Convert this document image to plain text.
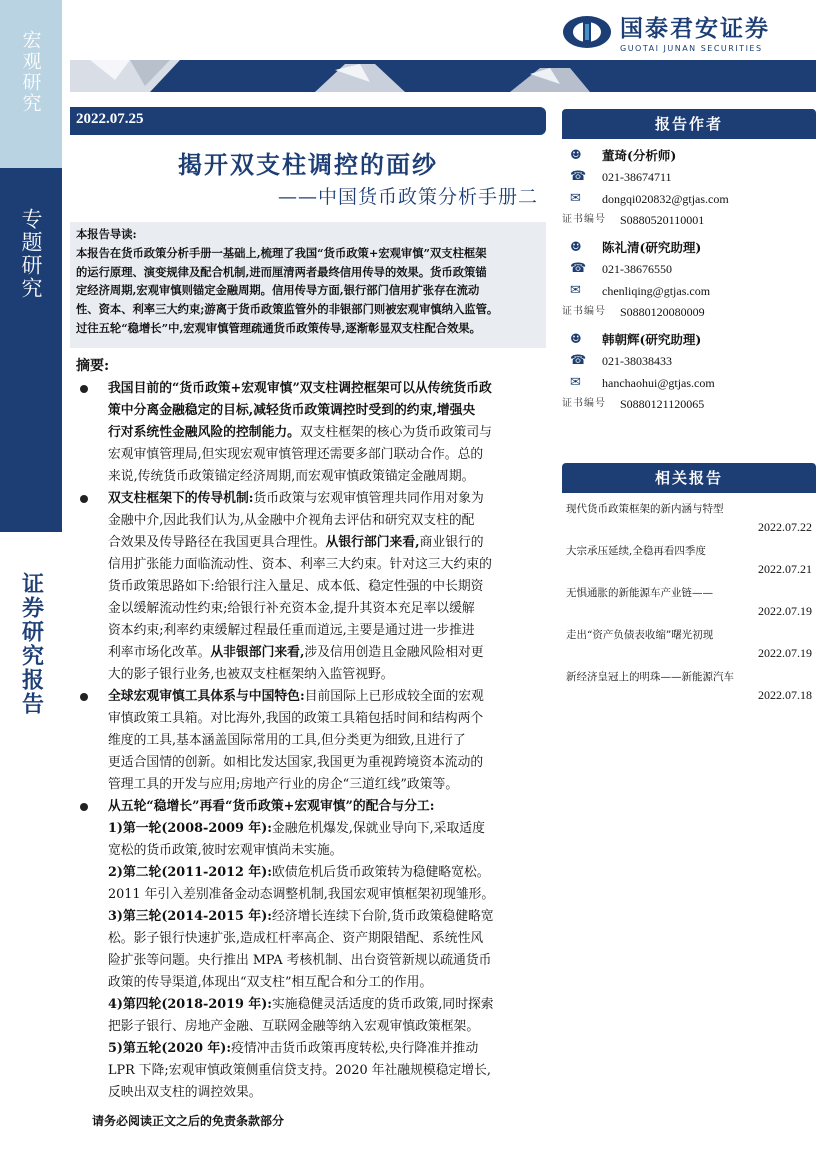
宏观研究
专题研究
证券研究报告
国泰君安证券
GUOTAI JUNAN SECURITIES
2022.07.25
揭开双支柱调控的面纱
——中国货币政策分析手册二
本报告导读:
本报告在货币政策分析手册一基础上,梳理了我国“货币政策+宏观审慎”双支柱框架
的运行原理、演变规律及配合机制,进而厘清两者最终信用传导的效果。货币政策锚
定经济周期,宏观审慎则锚定金融周期。信用传导方面,银行部门信用扩张存在流动
性、资本、利率三大约束;游离于货币政策监管外的非银部门则被宏观审慎纳入监管。
过往五轮“稳增长”中,宏观审慎管理疏通货币政策传导,逐渐彰显双支柱配合效果。
摘要:
我国目前的“货币政策+宏观审慎”双支柱调控框架可以从传统货币政
策中分离金融稳定的目标,减轻货币政策调控时受到的约束,增强央
行对系统性金融风险的控制能力。双支柱框架的核心为货币政策司与
宏观审慎管理局,但实现宏观审慎管理还需要多部门联动合作。总的
来说,传统货币政策锚定经济周期,而宏观审慎政策锚定金融周期。
双支柱框架下的传导机制:货币政策与宏观审慎管理共同作用对象为
金融中介,因此我们认为,从金融中介视角去评估和研究双支柱的配
合效果及传导路径在我国更具合理性。从银行部门来看,商业银行的
信用扩张能力面临流动性、资本、利率三大约束。针对这三大约束的
货币政策思路如下:给银行注入量足、成本低、稳定性强的中长期资
金以缓解流动性约束;给银行补充资本金,提升其资本充足率以缓解
资本约束;利率约束缓解过程最任重而道远,主要是通过进一步推进
利率市场化改革。从非银部门来看,涉及信用创造且金融风险相对更
大的影子银行业务,也被双支柱框架纳入监管视野。
全球宏观审慎工具体系与中国特色:目前国际上已形成较全面的宏观
审慎政策工具箱。对比海外,我国的政策工具箱包括时间和结构两个
维度的工具,基本涵盖国际常用的工具,但分类更为细致,且进行了
更适合国情的创新。如相比发达国家,我国更为重视跨境资本流动的
管理工具的开发与应用;房地产行业的房企“三道红线”政策等。
从五轮“稳增长”再看“货币政策+宏观审慎”的配合与分工:
1)第一轮(2008-2009 年):金融危机爆发,保就业导向下,采取适度
宽松的货币政策,彼时宏观审慎尚未实施。
2)第二轮(2011-2012 年):欧债危机后货币政策转为稳健略宽松。
2011 年引入差别准备金动态调整机制,我国宏观审慎框架初现雏形。
3)第三轮(2014-2015 年):经济增长连续下台阶,货币政策稳健略宽
松。影子银行快速扩张,造成杠杆率高企、资产期限错配、系统性风
险扩张等问题。央行推出 MPA 考核机制、出台资管新规以疏通货币
政策的传导渠道,体现出“双支柱”相互配合和分工的作用。
4)第四轮(2018-2019 年):实施稳健灵活适度的货币政策,同时探索
把影子银行、房地产金融、互联网金融等纳入宏观审慎政策框架。
5)第五轮(2020 年):疫情冲击货币政策再度转松,央行降准并推动
LPR 下降;宏观审慎政策侧重信贷支持。2020 年社融规模稳定增长,
反映出双支柱的调控效果。
请务必阅读正文之后的免责条款部分
报告作者
☻	董琦(分析师)
☎	021-38674711
✉	dongqi020832@gtjas.com
证书编号	S0880520110001
☻	陈礼清(研究助理)
☎	021-38676550
✉	chenliqing@gtjas.com
证书编号	S0880120080009
☻	韩朝辉(研究助理)
☎	021-38038433
✉	hanchaohui@gtjas.com
证书编号	S0880121120065
相关报告
现代货币政策框架的新内涵与特型
2022.07.22
大宗承压延续,全稳再看四季度
2022.07.21
无惧通胀的新能源车产业链——
2022.07.19
走出“资产负债表收缩”曙光初现
2022.07.19
新经济皇冠上的明珠——新能源汽车
2022.07.18
